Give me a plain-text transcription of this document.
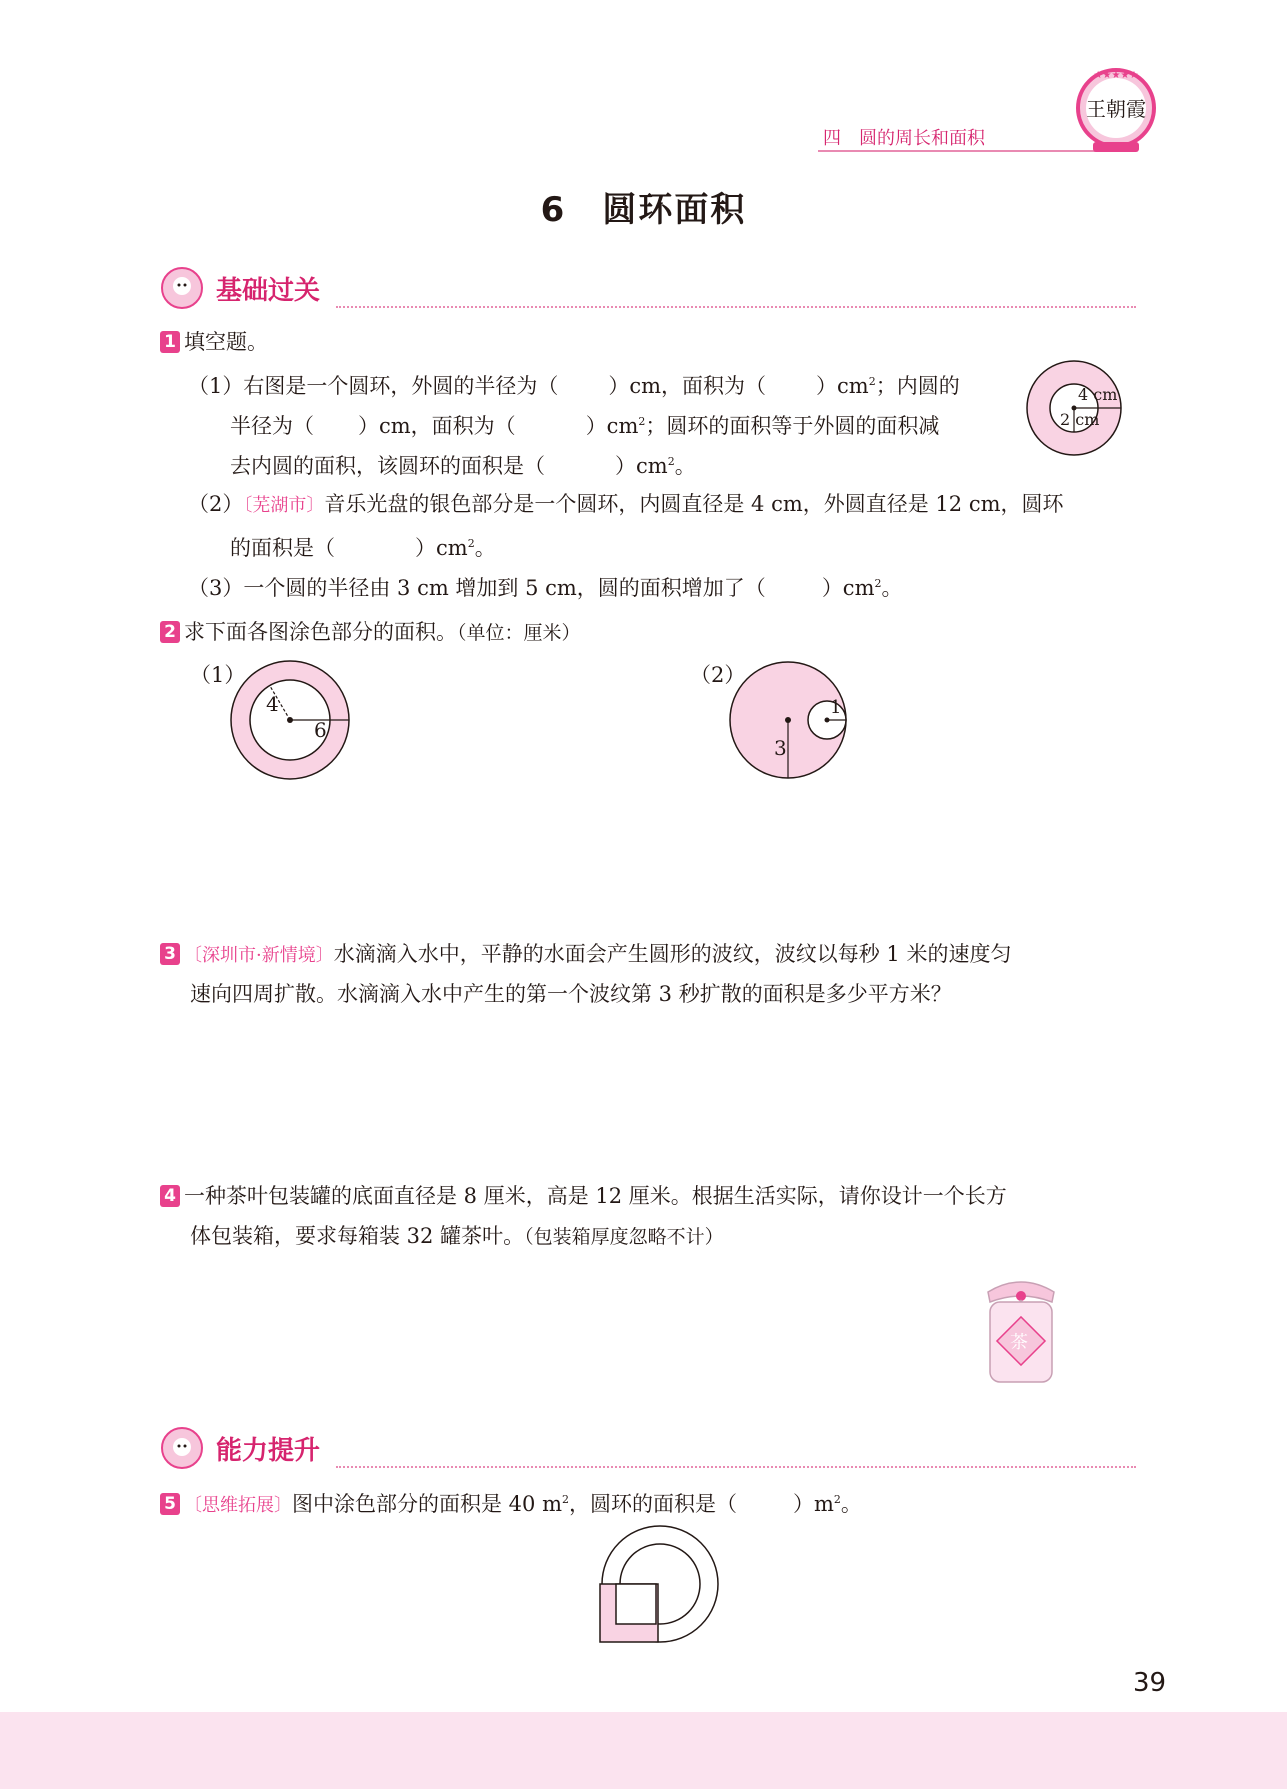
四　圆的周长和面积
★★★★★
王朝霞
6　圆环面积
基础过关
1 填空题。
（1）右图是一个圆环，外圆的半径为（ ）cm，面积为（ ）$cm^2$；内圆的
半径为（ ）cm，面积为（	）$cm^2$；圆环的面积等于外圆的面积减
去内圆的面积，该圆环的面积是（	）$cm^2$。
4 cm
2 cm
（2）〔芜湖市〕音乐光盘的银色部分是一个圆环，内圆直径是 4 cm，外圆直径是 12 cm，圆环
的面积是（	）$cm^2$。
（3）一个圆的半径由 3 cm 增加到 5 cm，圆的面积增加了（	）$cm^2$。
2 求下面各图涂色部分的面积。（单位：厘米）
（1）
4
6
（2）
3
1
3 〔深圳市·新情境〕水滴滴入水中，平静的水面会产生圆形的波纹，波纹以每秒 1 米的速度匀
速向四周扩散。水滴滴入水中产生的第一个波纹第 3 秒扩散的面积是多少平方米？
4 一种茶叶包装罐的底面直径是 8 厘米，高是 12 厘米。根据生活实际，请你设计一个长方
体包装箱，要求每箱装 32 罐茶叶。（包装箱厚度忽略不计）
茶
能力提升
5 〔思维拓展〕图中涂色部分的面积是 40 $m^2$，圆环的面积是（	）$m^2$。
39
